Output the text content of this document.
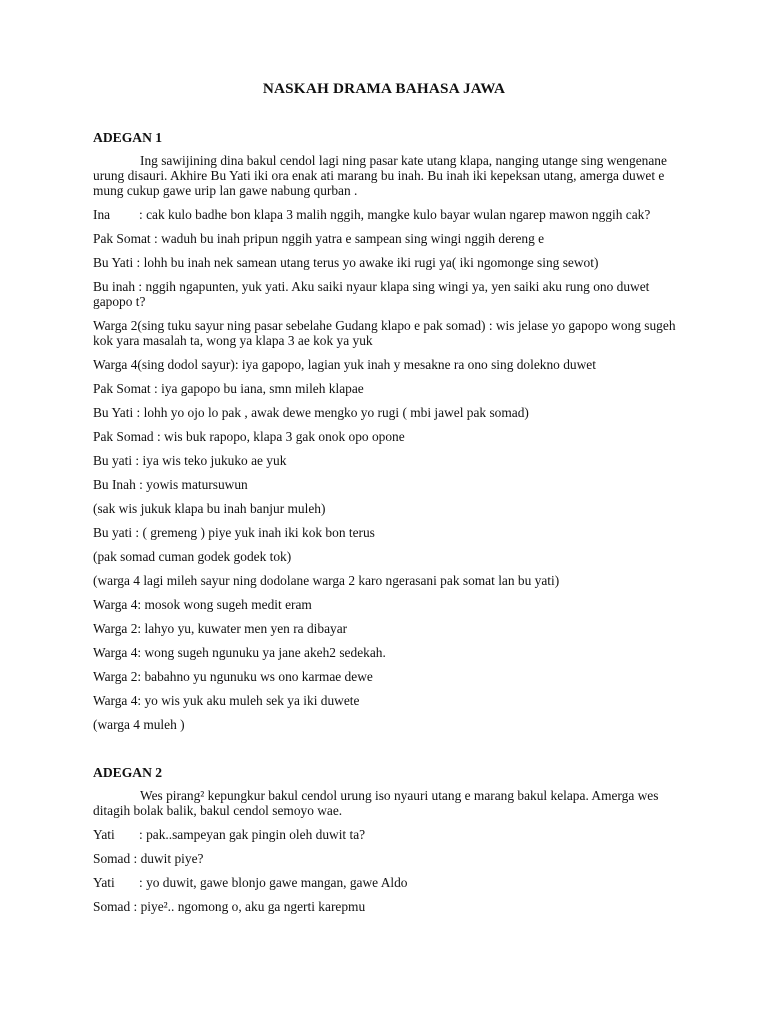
NASKAH DRAMA BAHASA JAWA
ADEGAN 1

Ing sawijining dina bakul cendol lagi ning pasar kate utang klapa, nanging utange sing wengenane urung disauri. Akhire Bu Yati iki ora enak ati marang bu inah. Bu inah iki kepeksan utang, amerga duwet e mung cukup gawe urip lan gawe nabung qurban .

Ina : cak kulo badhe bon klapa 3 malih nggih, mangke kulo bayar wulan ngarep mawon nggih cak?

Pak Somat : waduh bu inah pripun nggih yatra e sampean sing wingi nggih dereng e

Bu Yati : lohh bu inah nek samean utang terus yo awake iki rugi ya( iki ngomonge sing sewot)

Bu inah : nggih ngapunten, yuk yati. Aku saiki nyaur klapa sing wingi ya, yen saiki aku rung ono duwet gapopo t?

Warga 2(sing tuku sayur ning pasar sebelahe Gudang klapo e pak somad) : wis jelase yo gapopo wong sugeh kok yara masalah ta, wong ya klapa 3 ae kok ya yuk

Warga 4(sing dodol sayur): iya gapopo, lagian yuk inah y mesakne ra ono sing dolekno duwet

Pak Somat : iya gapopo bu iana, smn mileh klapae

Bu Yati : lohh yo ojo lo pak , awak dewe mengko yo rugi ( mbi jawel pak somad)

Pak Somad : wis buk rapopo, klapa 3 gak onok opo opone

Bu yati : iya wis teko jukuko ae yuk

Bu Inah : yowis matursuwun

(sak wis jukuk klapa bu inah banjur muleh)

Bu yati : ( gremeng ) piye yuk inah iki kok bon terus

(pak somad cuman godek godek tok)

(warga 4 lagi mileh sayur ning dodolane warga 2 karo ngerasani pak somat lan bu yati)

Warga 4: mosok wong sugeh medit eram

Warga 2: lahyo yu, kuwater men yen ra dibayar

Warga 4: wong sugeh ngunuku ya jane akeh2 sedekah.

Warga 2: babahno yu ngunuku ws ono karmae dewe

Warga 4: yo wis yuk aku muleh sek ya iki duwete

(warga 4 muleh )

ADEGAN 2

Wes pirang² kepungkur bakul cendol urung iso nyauri utang e marang bakul kelapa. Amerga wes ditagih bolak balik, bakul cendol semoyo wae.

Yati : pak..sampeyan gak pingin oleh duwit ta?

Somad : duwit piye?

Yati : yo duwit, gawe blonjo gawe mangan, gawe Aldo

Somad : piye².. ngomong o, aku ga ngerti karepmu
